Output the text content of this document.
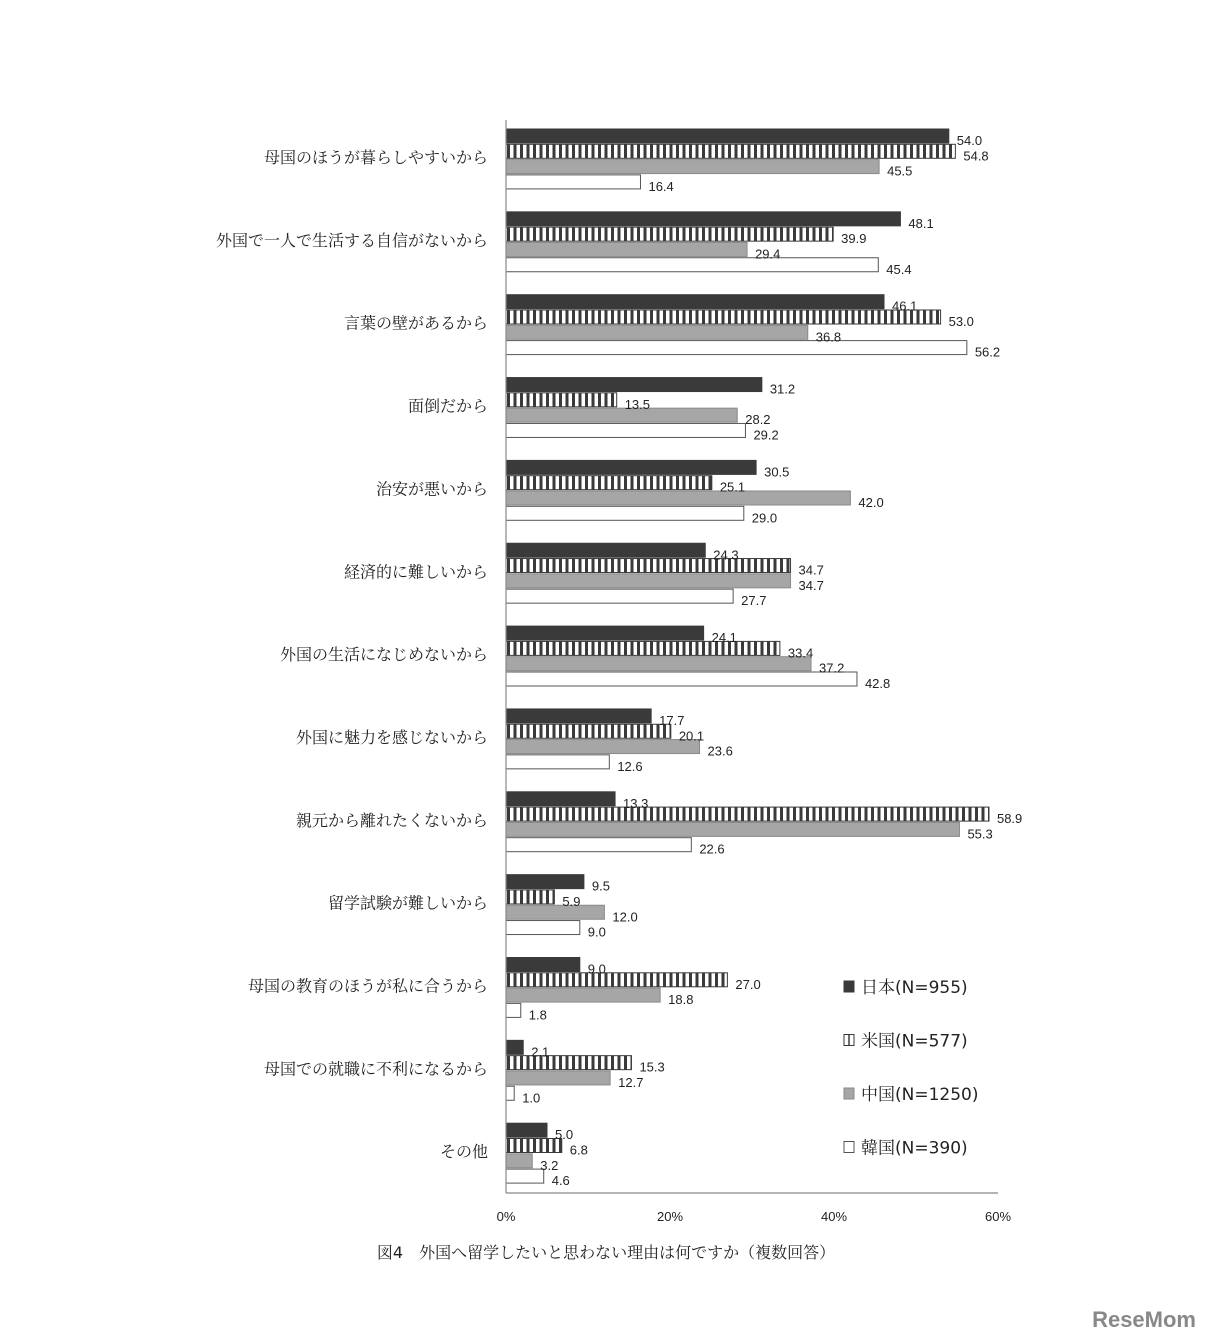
母国のほうが暮らしやすいから
54.0
54.8
45.5
16.4
外国で一人で生活する自信がないから
48.1
39.9
29.4
45.4
言葉の壁があるから
46.1
53.0
36.8
56.2
面倒だから
31.2
13.5
28.2
29.2
治安が悪いから
30.5
25.1
42.0
29.0
経済的に難しいから
24.3
34.7
34.7
27.7
外国の生活になじめないから
24.1
33.4
37.2
42.8
外国に魅力を感じないから
17.7
20.1
23.6
12.6
親元から離れたくないから
13.3
58.9
55.3
22.6
留学試験が難しいから
9.5
5.9
12.0
9.0
母国の教育のほうが私に合うから
9.0
27.0
18.8
1.8
母国での就職に不利になるから
2.1
15.3
12.7
1.0
その他
5.0
6.8
3.2
4.6
0%	20%	40%	60%
日本(N=955)
米国(N=577)
中国(N=1250)
韓国(N=390)
図4　外国へ留学したいと思わない理由は何ですか（複数回答）
ReseMom
